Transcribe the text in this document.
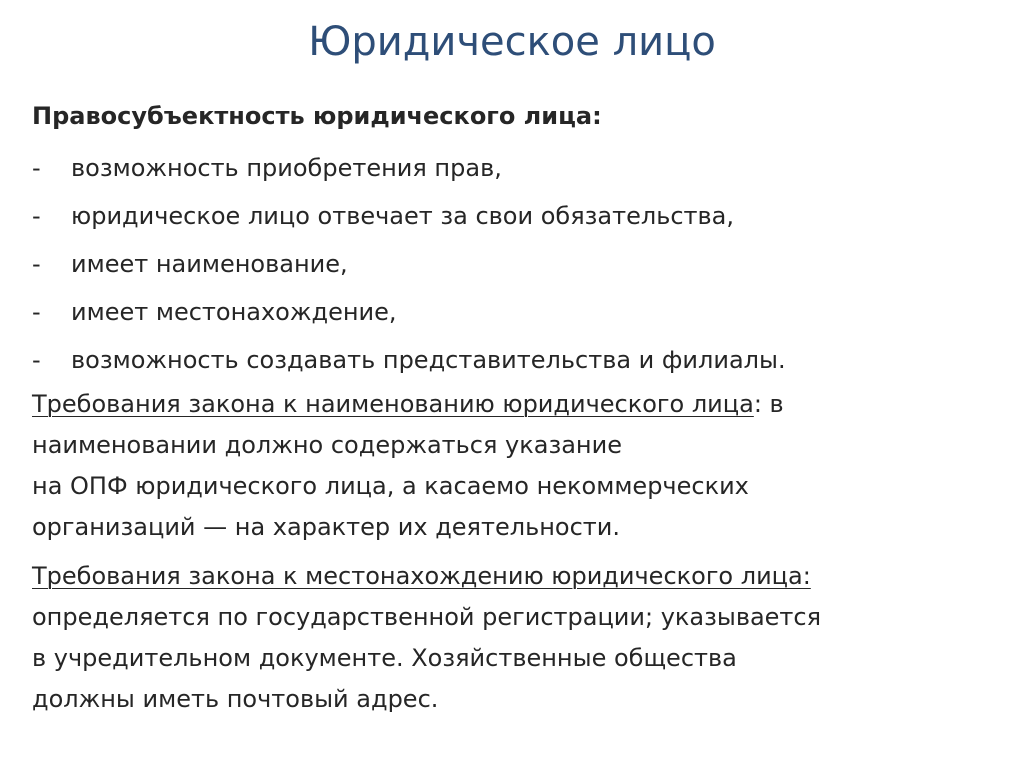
Юридическое лицо

Правосубъектность юридического лица:

- возможность приобретения прав,
- юридическое лицо отвечает за свои обязательства,
- имеет наименование,
- имеет местонахождение,
- возможность создавать представительства и филиалы.

Требования закона к наименованию юридического лица: в
наименовании должно содержаться указание
на ОПФ юридического лица, а касаемо некоммерческих
организаций — на характер их деятельности.

Требования закона к местонахождению юридического лица:
определяется по государственной регистрации; указывается
в учредительном документе. Хозяйственные общества
должны иметь почтовый адрес.
